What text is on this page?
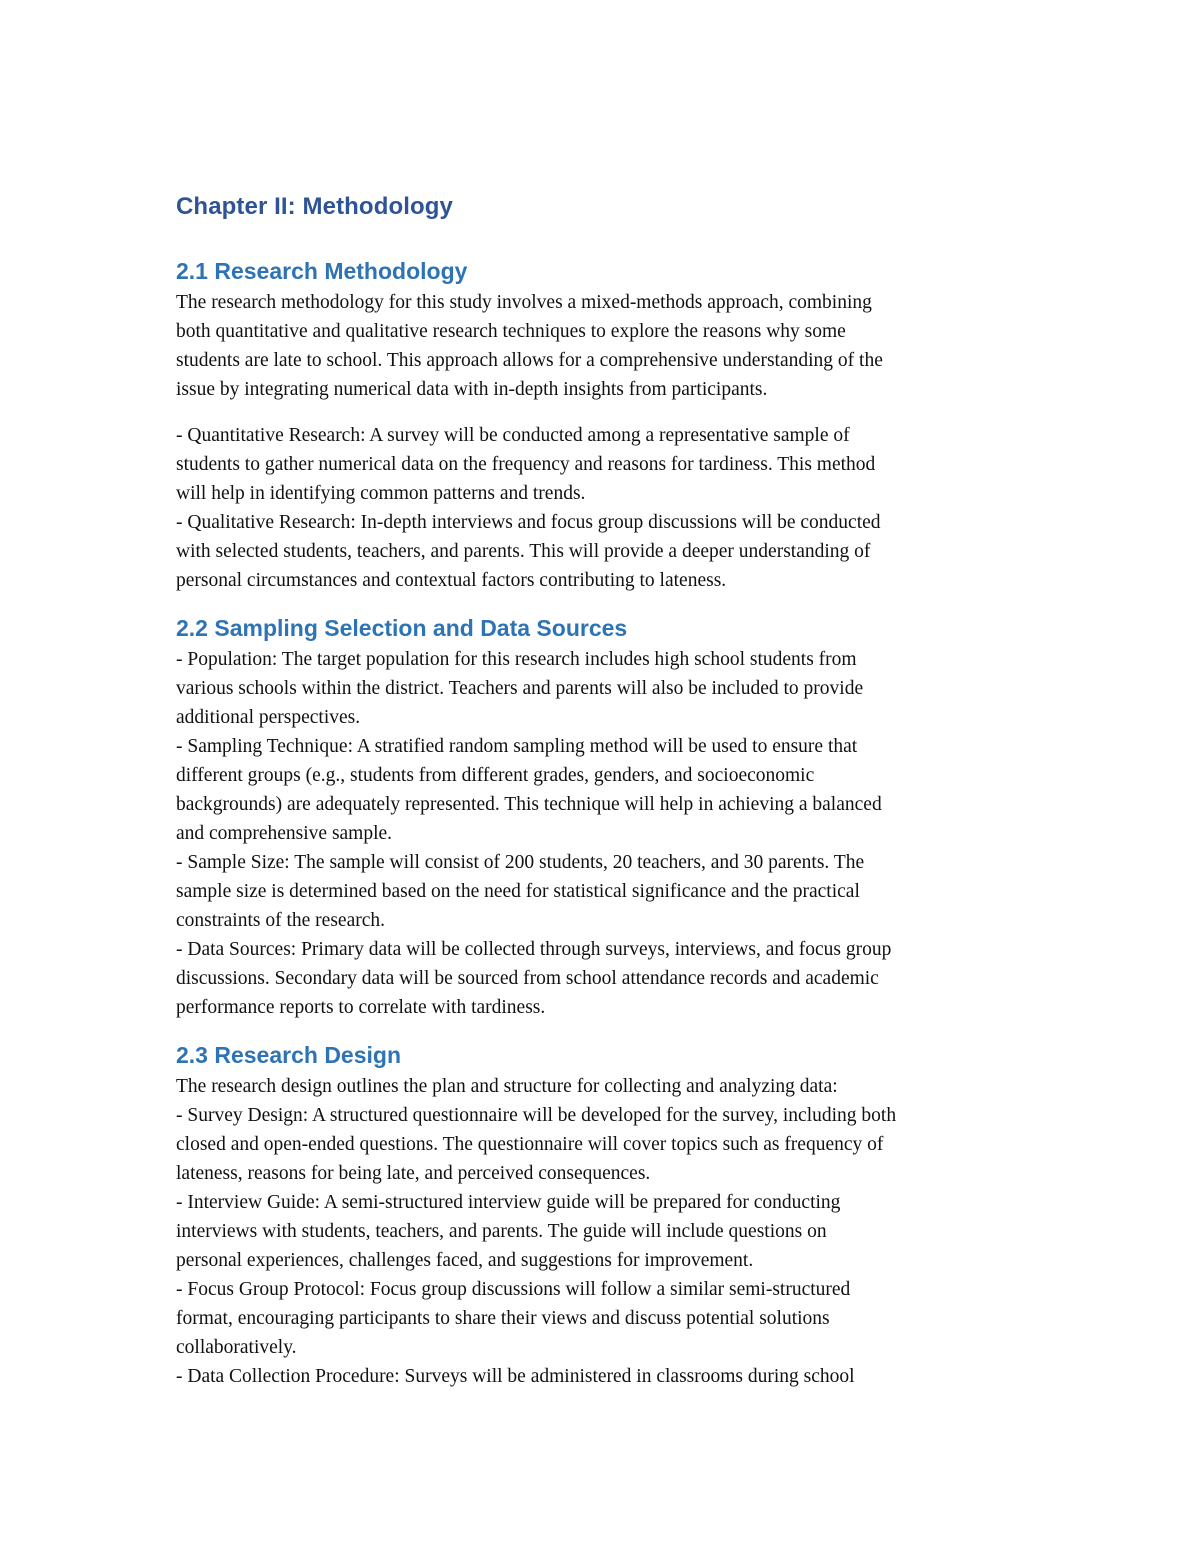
Chapter II: Methodology
2.1 Research Methodology

The research methodology for this study involves a mixed-methods approach, combining
both quantitative and qualitative research techniques to explore the reasons why some
students are late to school. This approach allows for a comprehensive understanding of the
issue by integrating numerical data with in-depth insights from participants.

- Quantitative Research: A survey will be conducted among a representative sample of
students to gather numerical data on the frequency and reasons for tardiness. This method
will help in identifying common patterns and trends.
- Qualitative Research: In-depth interviews and focus group discussions will be conducted
with selected students, teachers, and parents. This will provide a deeper understanding of
personal circumstances and contextual factors contributing to lateness.

2.2 Sampling Selection and Data Sources

- Population: The target population for this research includes high school students from
various schools within the district. Teachers and parents will also be included to provide
additional perspectives.
- Sampling Technique: A stratified random sampling method will be used to ensure that
different groups (e.g., students from different grades, genders, and socioeconomic
backgrounds) are adequately represented. This technique will help in achieving a balanced
and comprehensive sample.
- Sample Size: The sample will consist of 200 students, 20 teachers, and 30 parents. The
sample size is determined based on the need for statistical significance and the practical
constraints of the research.
- Data Sources: Primary data will be collected through surveys, interviews, and focus group
discussions. Secondary data will be sourced from school attendance records and academic
performance reports to correlate with tardiness.

2.3 Research Design

The research design outlines the plan and structure for collecting and analyzing data:
- Survey Design: A structured questionnaire will be developed for the survey, including both
closed and open-ended questions. The questionnaire will cover topics such as frequency of
lateness, reasons for being late, and perceived consequences.
- Interview Guide: A semi-structured interview guide will be prepared for conducting
interviews with students, teachers, and parents. The guide will include questions on
personal experiences, challenges faced, and suggestions for improvement.
- Focus Group Protocol: Focus group discussions will follow a similar semi-structured
format, encouraging participants to share their views and discuss potential solutions
collaboratively.
- Data Collection Procedure: Surveys will be administered in classrooms during school
